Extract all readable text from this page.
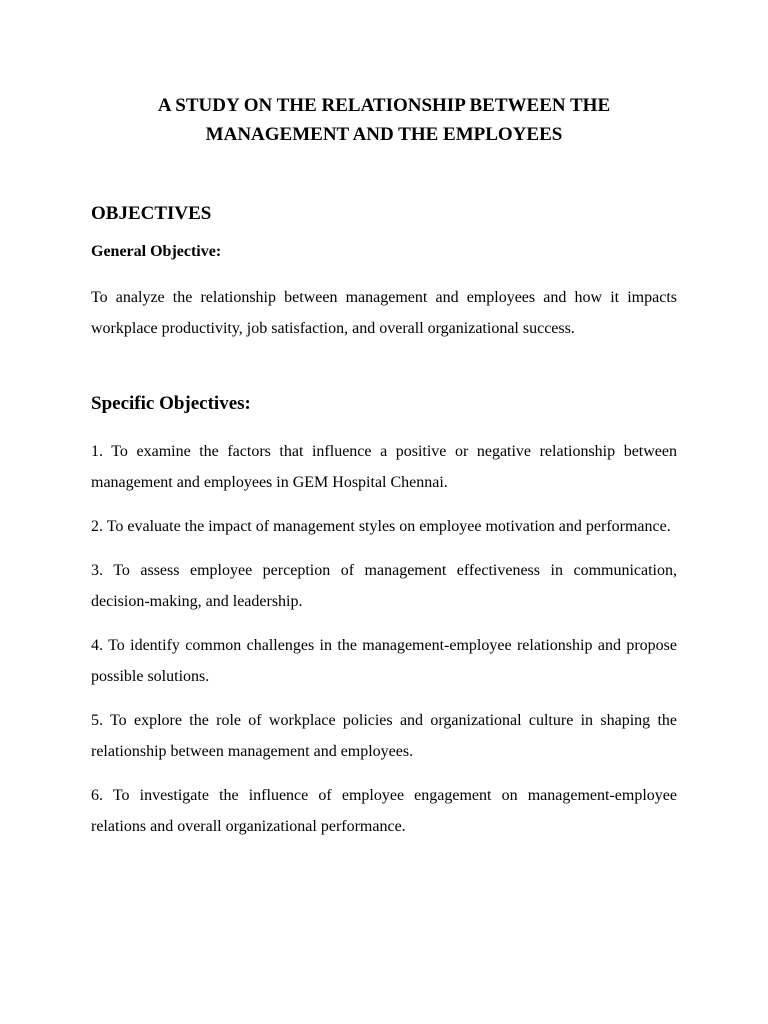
A STUDY ON THE RELATIONSHIP BETWEEN THE
MANAGEMENT AND THE EMPLOYEES
OBJECTIVES
General Objective:

To analyze the relationship between management and employees and how it impacts workplace productivity, job satisfaction, and overall organizational success.

Specific Objectives:
1. To examine the factors that influence a positive or negative relationship between management and employees in GEM Hospital Chennai.
2. To evaluate the impact of management styles on employee motivation and performance.
3. To assess employee perception of management effectiveness in communication, decision-making, and leadership.
4. To identify common challenges in the management-employee relationship and propose possible solutions.
5. To explore the role of workplace policies and organizational culture in shaping the relationship between management and employees.
6. To investigate the influence of employee engagement on management-employee relations and overall organizational performance.
